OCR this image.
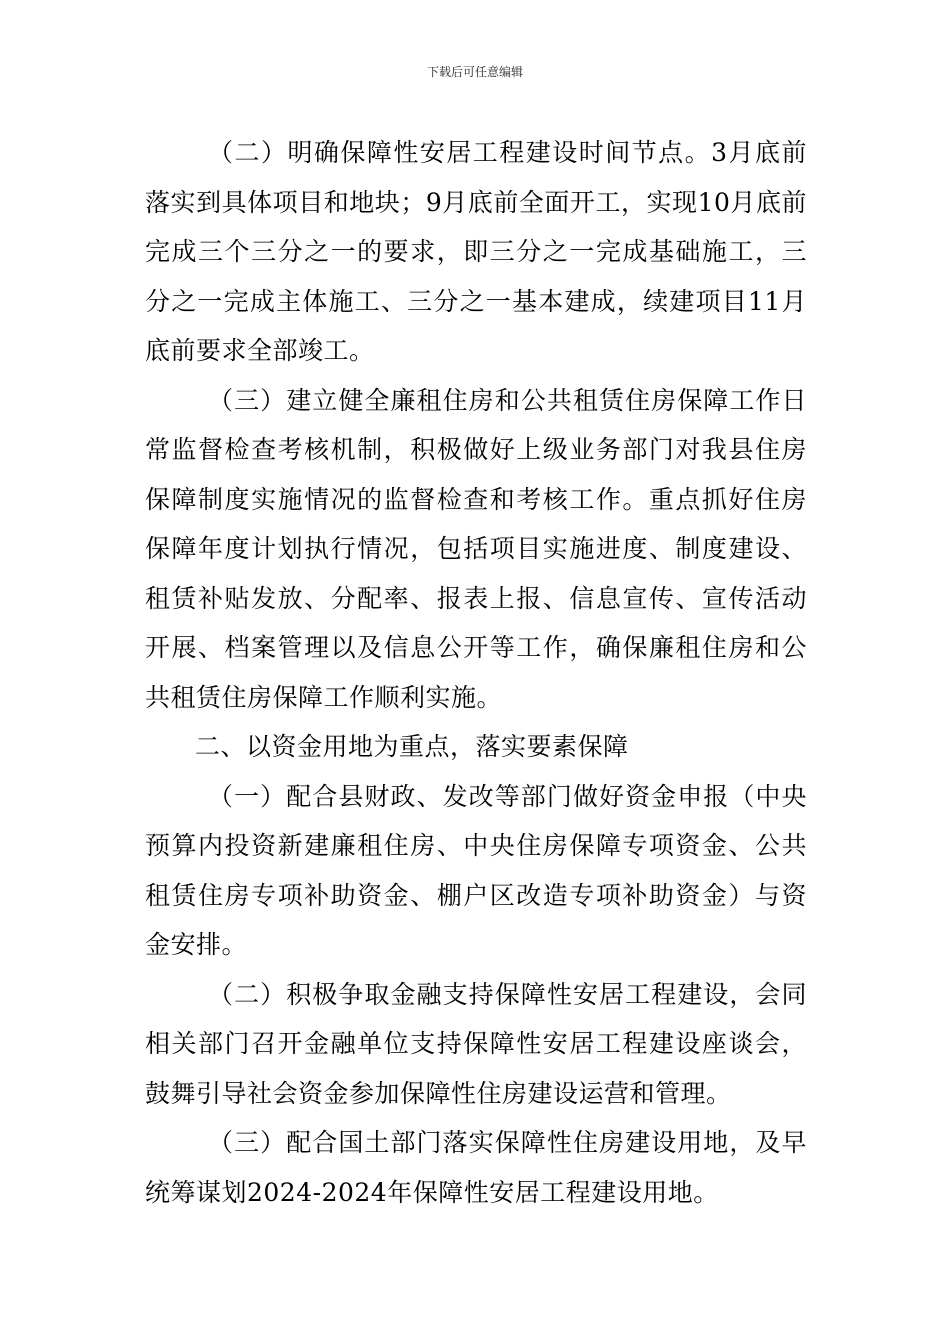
下载后可任意编辑

（二）明确保障性安居工程建设时间节点。3月底前落实到具体项目和地块；9月底前全面开工，实现10月底前完成三个三分之一的要求，即三分之一完成基础施工，三分之一完成主体施工、三分之一基本建成，续建项目11月底前要求全部竣工。

（三）建立健全廉租住房和公共租赁住房保障工作日常监督检查考核机制，积极做好上级业务部门对我县住房保障制度实施情况的监督检查和考核工作。重点抓好住房保障年度计划执行情况，包括项目实施进度、制度建设、租赁补贴发放、分配率、报表上报、信息宣传、宣传活动开展、档案管理以及信息公开等工作，确保廉租住房和公共租赁住房保障工作顺利实施。

二、以资金用地为重点，落实要素保障

（一）配合县财政、发改等部门做好资金申报（中央预算内投资新建廉租住房、中央住房保障专项资金、公共租赁住房专项补助资金、棚户区改造专项补助资金）与资金安排。

（二）积极争取金融支持保障性安居工程建设，会同相关部门召开金融单位支持保障性安居工程建设座谈会，鼓舞引导社会资金参加保障性住房建设运营和管理。

（三）配合国土部门落实保障性住房建设用地，及早统筹谋划2024-2024年保障性安居工程建设用地。
